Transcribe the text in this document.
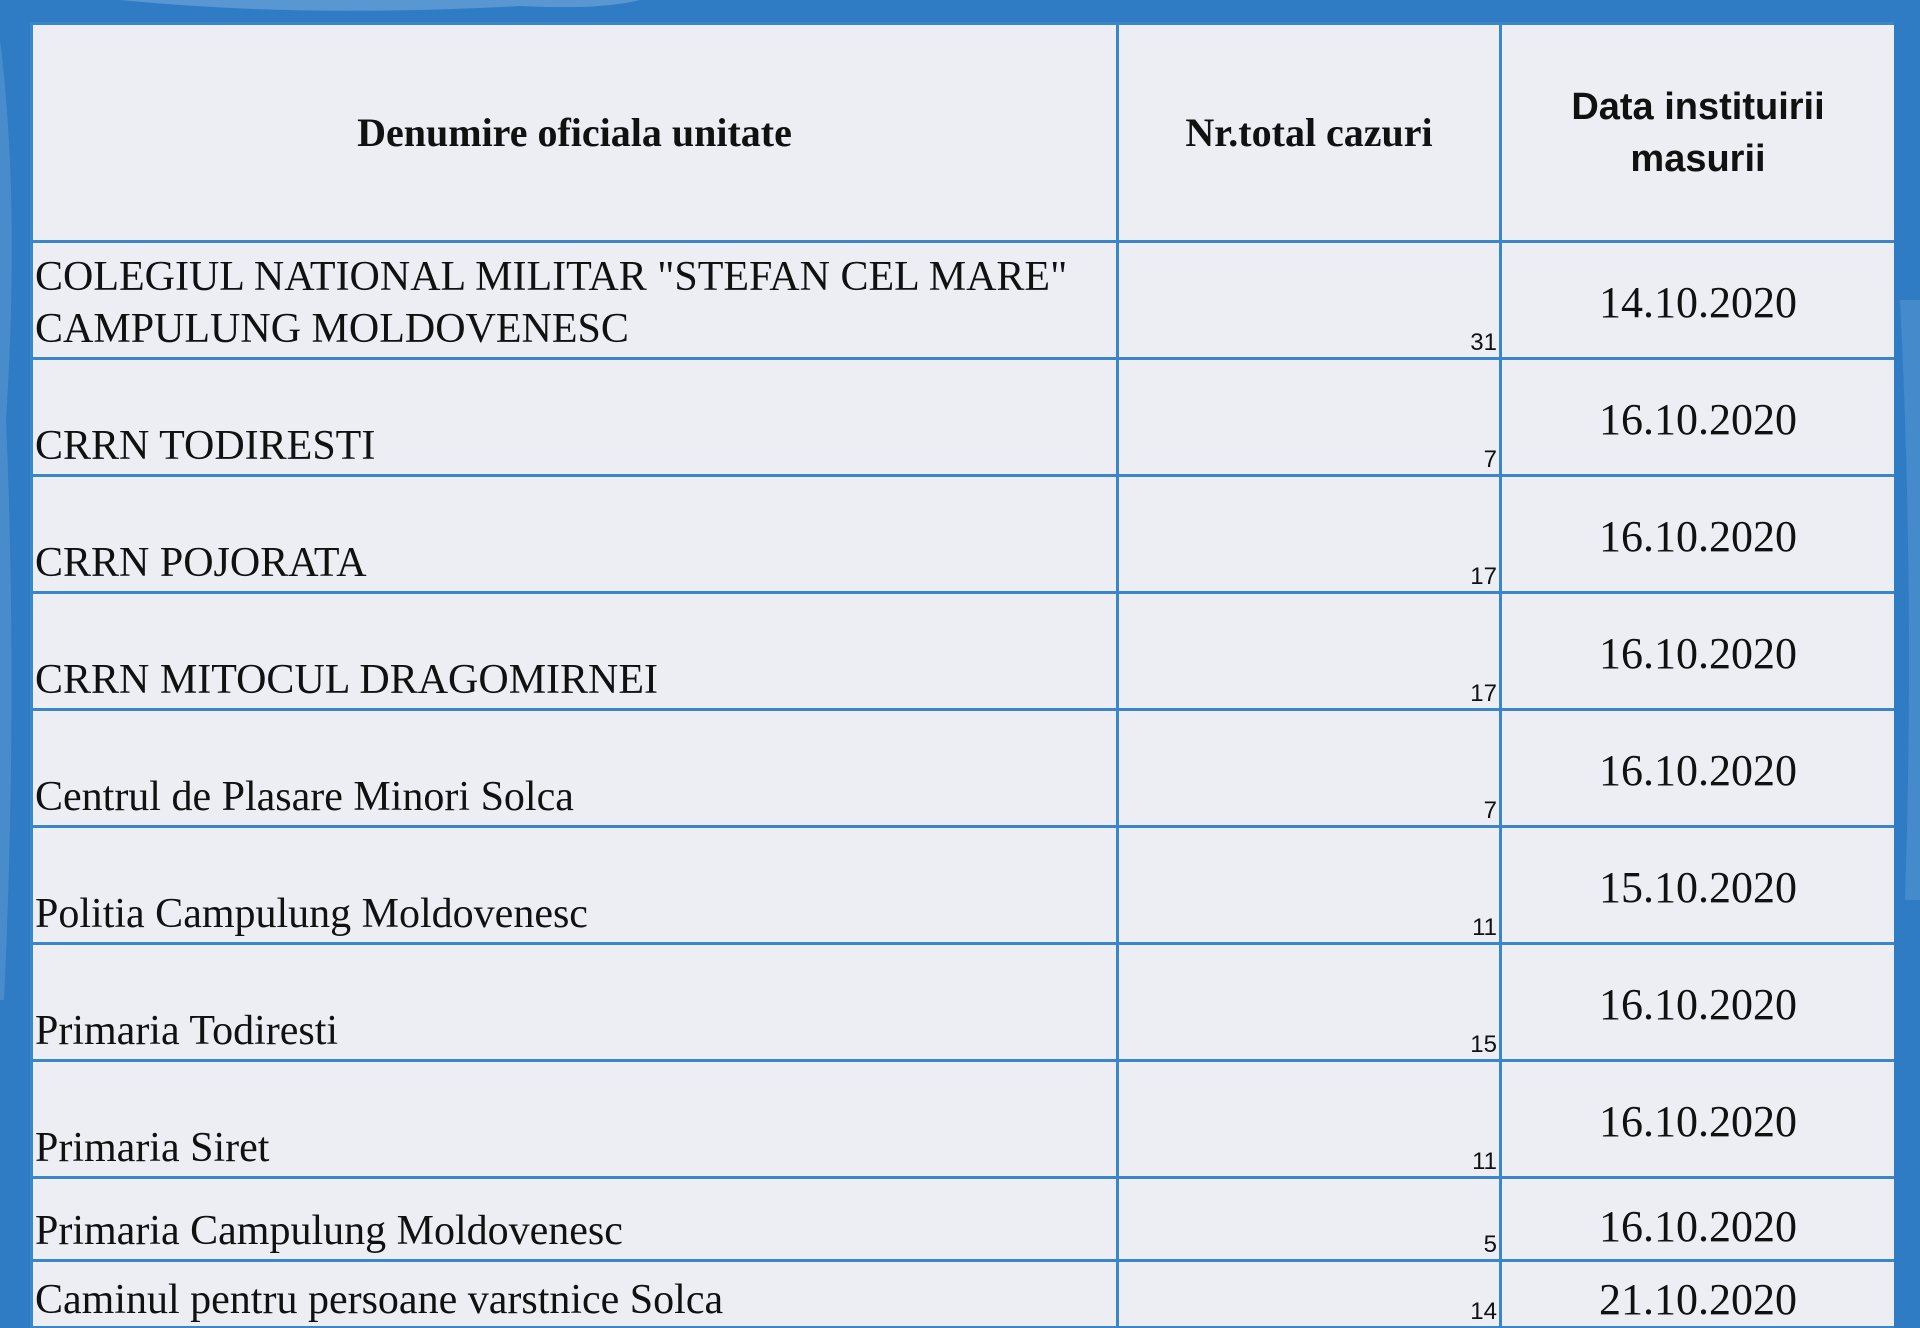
Denumire oficiala unitate	Nr.total cazuri	Data instituirii
masurii

COLEGIUL NATIONAL MILITAR "STEFAN CEL MARE" CAMPULUNG MOLDOVENESC	31	14.10.2020

CRRN TODIRESTI	7	16.10.2020

CRRN POJORATA	17	16.10.2020

CRRN MITOCUL DRAGOMIRNEI	17	16.10.2020

Centrul de Plasare Minori Solca	7	16.10.2020

Politia Campulung Moldovenesc	11	15.10.2020

Primaria Todiresti	15	16.10.2020

Primaria Siret	11	16.10.2020

Primaria Campulung Moldovenesc	5	16.10.2020

Caminul pentru persoane varstnice Solca	14	21.10.2020
